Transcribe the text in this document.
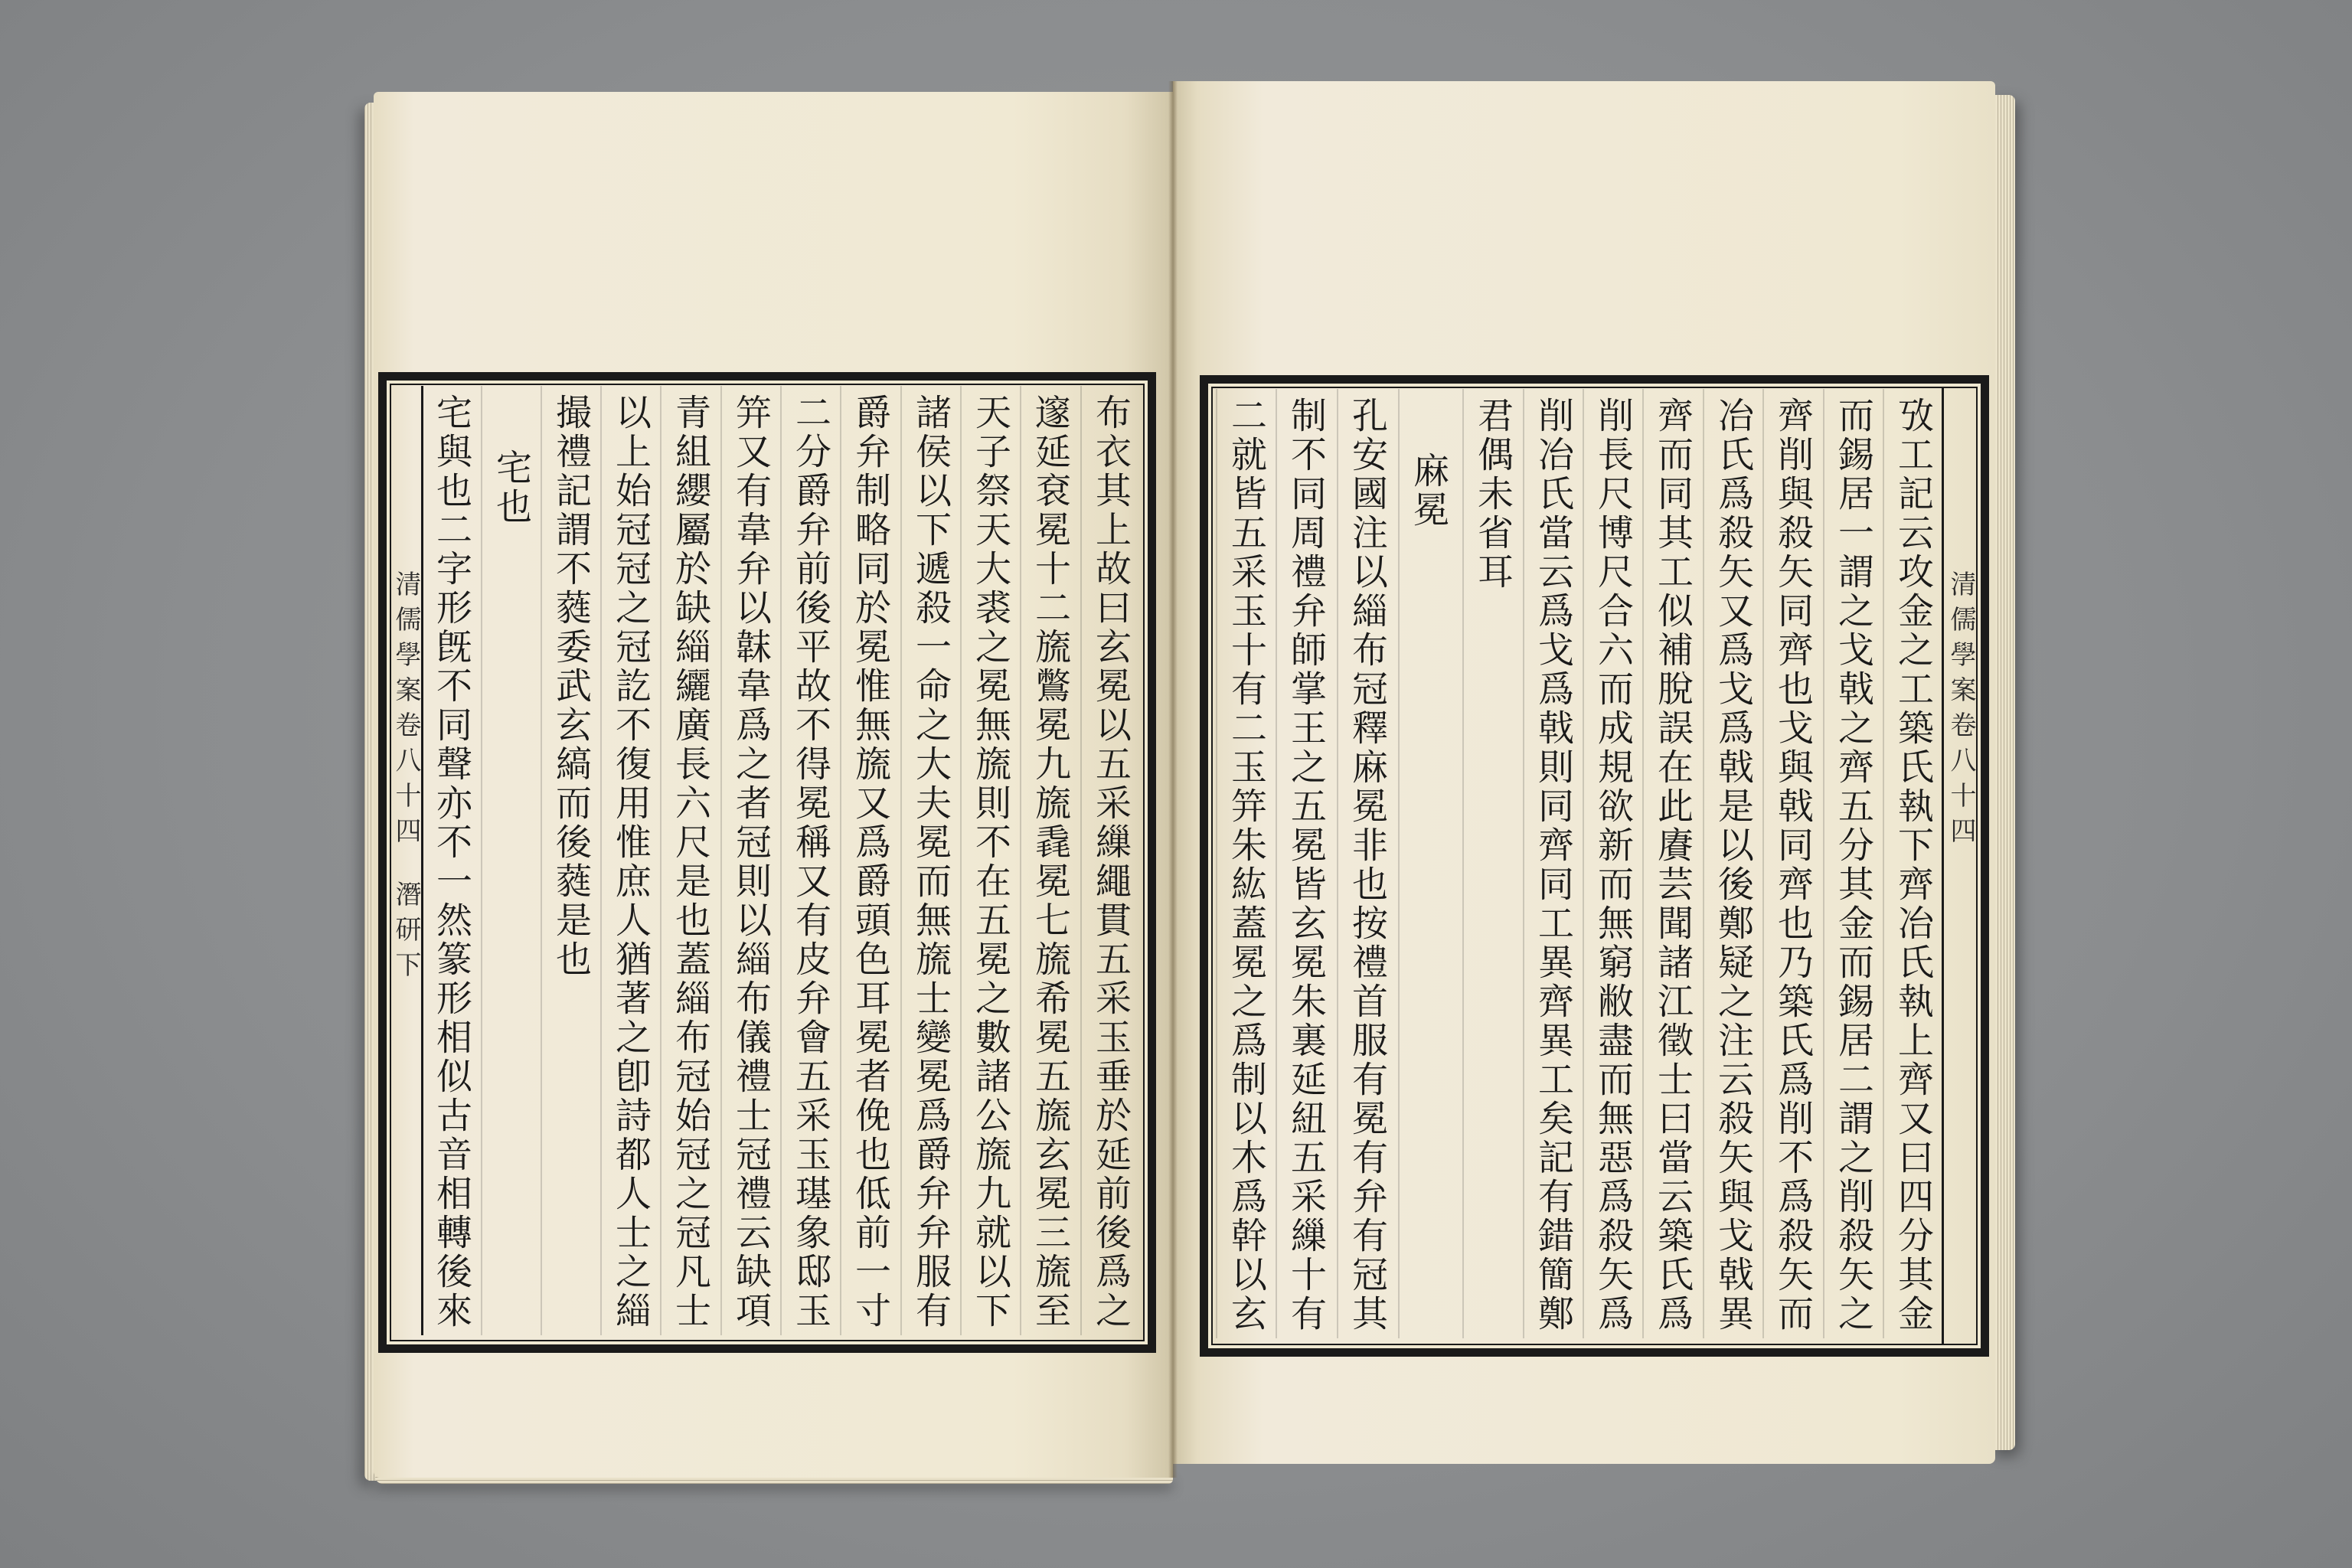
清儒學案卷八十四
潛研下	布衣其上故曰玄冕以五采繅繩貫五采玉垂於延前後爲之
邃延袞冕十二旒鷩冕九旒毳冕七旒希冕五旒玄冕三旒至
天子祭天大裘之冕無旒則不在五冕之數諸公旒九就以下
諸侯以下遞殺一命之大夫冕而無旒士變冕爲爵弁弁服有
爵弁制略同於冕惟無旒又爲爵頭色耳冕者俛也低前一寸
二分爵弁前後平故不得冕稱又有皮弁會五采玉璂象邸玉
笄又有韋弁以韎韋爲之者冠則以緇布儀禮士冠禮云缺項
青組纓屬於缺緇纚廣長六尺是也蓋緇布冠始冠之冠凡士
以上始冠冠之冠訖不復用惟庶人猶著之卽詩都人士之緇
撮禮記謂不蕤委武玄縞而後蕤是也
宅也
宅與也二字形旣不同聲亦不一然篆形相似古音相轉後來	清儒學案卷八十四
攷工記云攻金之工築氏執下齊冶氏執上齊又曰四分其金
而錫居一謂之戈戟之齊五分其金而錫居二謂之削殺矢之
齊削與殺矢同齊也戈與戟同齊也乃築氏爲削不爲殺矢而
冶氏爲殺矢又爲戈爲戟是以後鄭疑之注云殺矢與戈戟異
齊而同其工似補脫誤在此賡芸聞諸江徵士曰當云築氏爲
削長尺博尺合六而成規欲新而無窮敝盡而無惡爲殺矢爲
削冶氏當云爲戈爲戟則同齊同工異齊異工矣記有錯簡鄭
君偶未省耳
麻冕
孔安國注以緇布冠釋麻冕非也按禮首服有冕有弁有冠其
制不同周禮弁師掌王之五冕皆玄冕朱裏延紐五采繅十有
二就皆五采玉十有二玉笄朱紘蓋冕之爲制以木爲幹以玄
